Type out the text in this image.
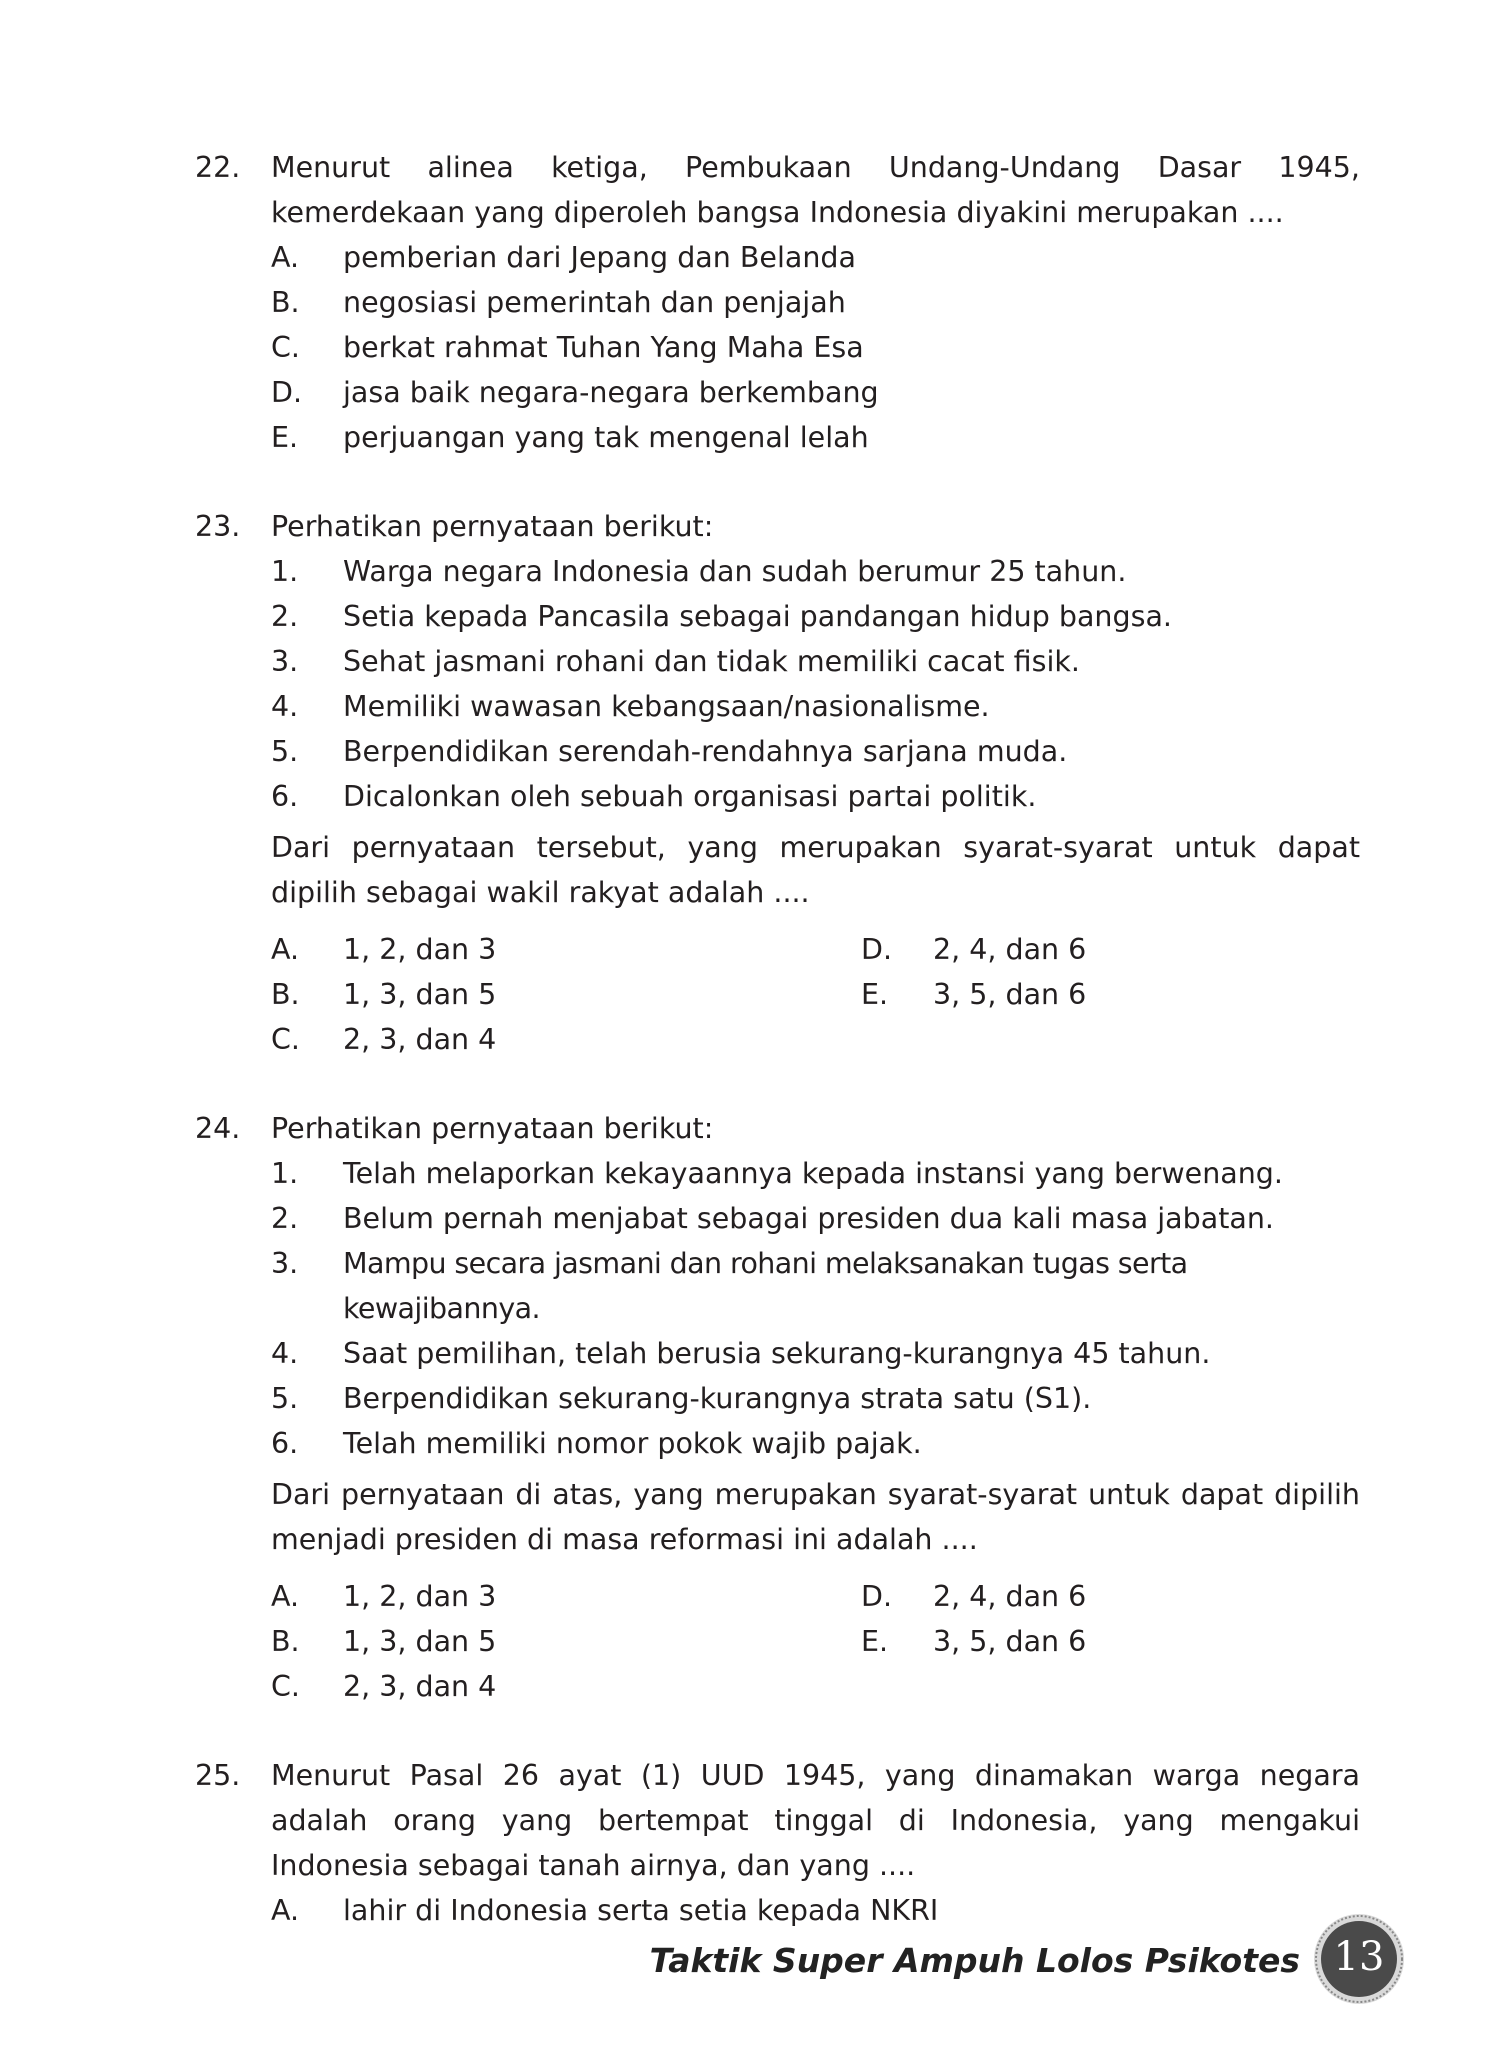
22.	Menurut alinea ketiga, Pembukaan Undang-Undang Dasar 1945, kemerdekaan yang diperoleh bangsa Indonesia diyakini merupakan ....
A.	pemberian dari Jepang dan Belanda
B.	negosiasi pemerintah dan penjajah
C.	berkat rahmat Tuhan Yang Maha Esa
D.	jasa baik negara-negara berkembang
E.	perjuangan yang tak mengenal lelah
23.	Perhatikan pernyataan berikut:
1.	Warga negara Indonesia dan sudah berumur 25 tahun.
2.	Setia kepada Pancasila sebagai pandangan hidup bangsa.
3.	Sehat jasmani rohani dan tidak memiliki cacat fisik.
4.	Memiliki wawasan kebangsaan/nasionalisme.
5.	Berpendidikan serendah-rendahnya sarjana muda.
6.	Dicalonkan oleh sebuah organisasi partai politik.
Dari pernyataan tersebut, yang merupakan syarat-syarat untuk dapat dipilih sebagai wakil rakyat adalah ....
A.	1, 2, dan 3	D.	2, 4, dan 6
B.	1, 3, dan 5	E.	3, 5, dan 6
C.	2, 3, dan 4
24.	Perhatikan pernyataan berikut:
1.	Telah melaporkan kekayaannya kepada instansi yang berwenang.
2.	Belum pernah menjabat sebagai presiden dua kali masa jabatan.
3.	Mampu secara jasmani dan rohani melaksanakan tugas serta kewajibannya.
4.	Saat pemilihan, telah berusia sekurang-kurangnya 45 tahun.
5.	Berpendidikan sekurang-kurangnya strata satu (S1).
6.	Telah memiliki nomor pokok wajib pajak.
Dari pernyataan di atas, yang merupakan syarat-syarat untuk dapat dipilih menjadi presiden di masa reformasi ini adalah ....
A.	1, 2, dan 3	D.	2, 4, dan 6
B.	1, 3, dan 5	E.	3, 5, dan 6
C.	2, 3, dan 4
25.	Menurut Pasal 26 ayat (1) UUD 1945, yang dinamakan warga negara adalah orang yang bertempat tinggal di Indonesia, yang mengakui Indonesia sebagai tanah airnya, dan yang ....
A.	lahir di Indonesia serta setia kepada NKRI
Taktik Super Ampuh Lolos Psikotes 13
